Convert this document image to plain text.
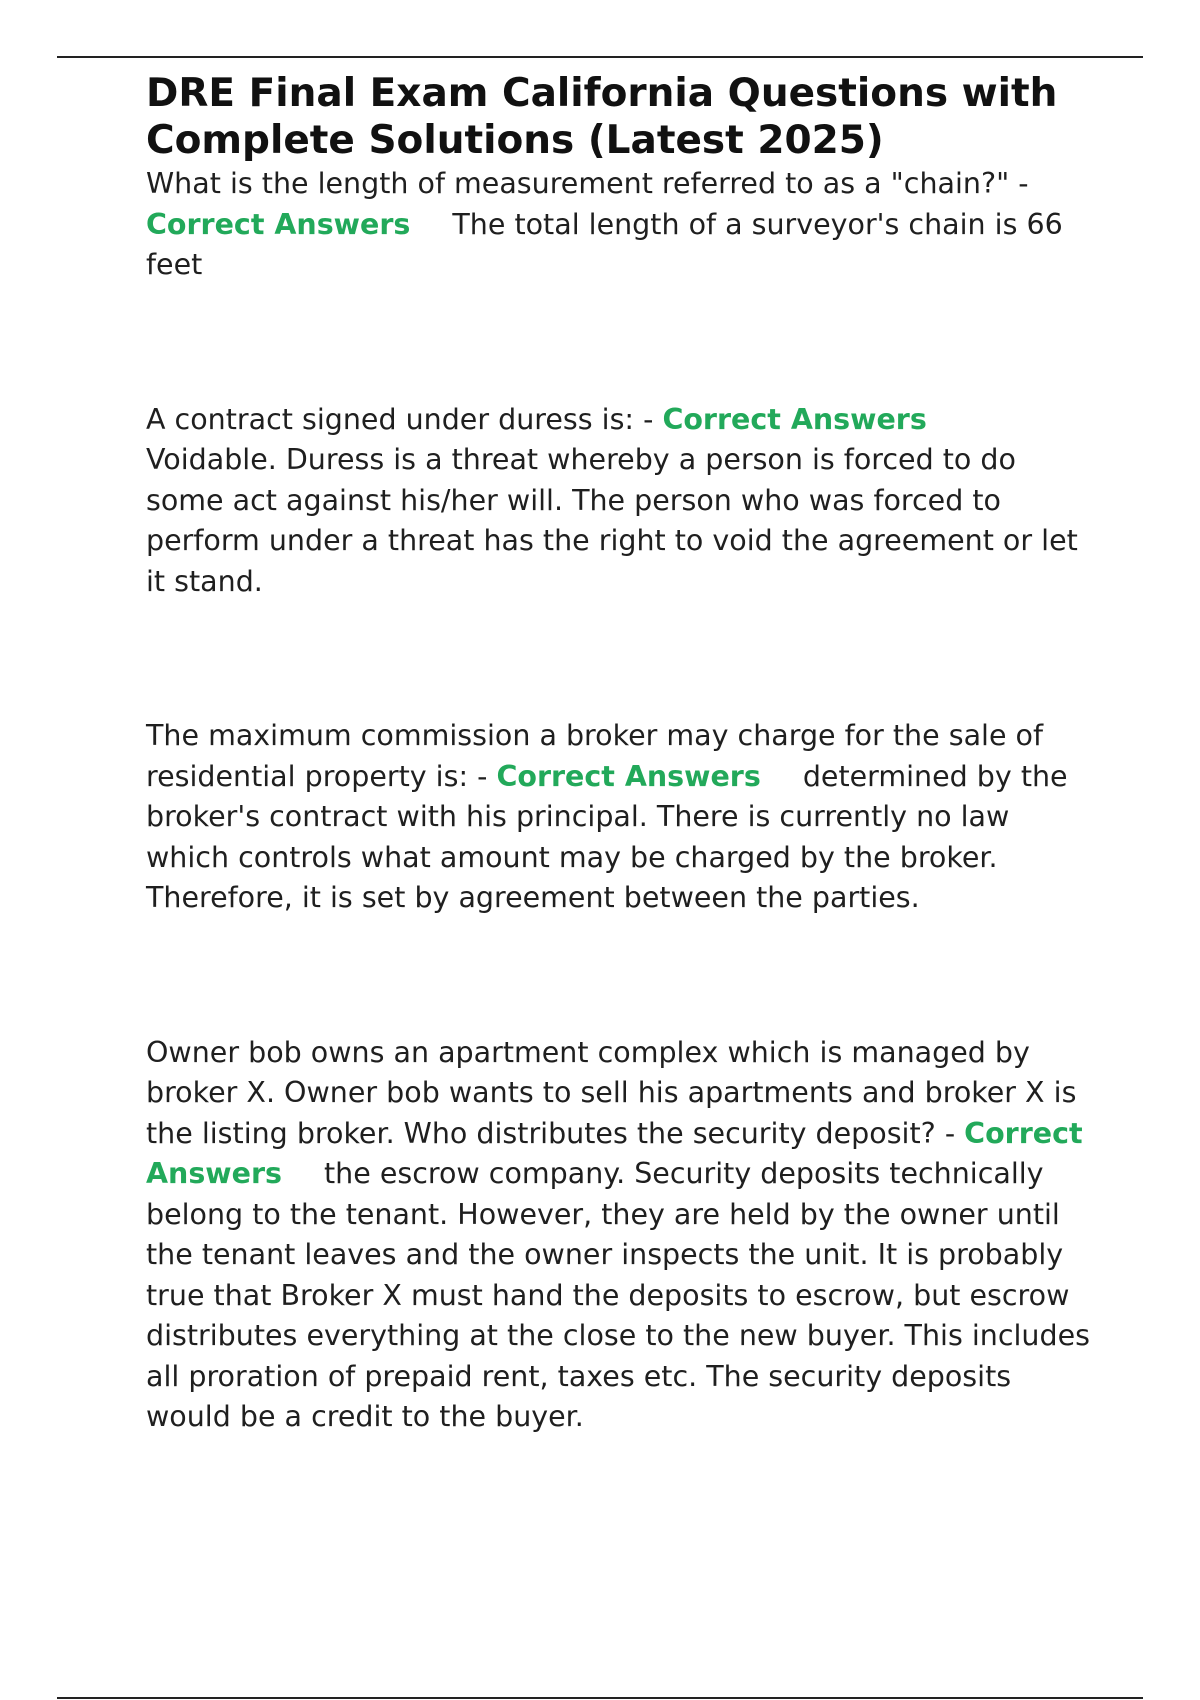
DRE Final Exam California Questions with Complete Solutions (Latest 2025)

What is the length of measurement referred to as a "chain?" - Correct Answers The total length of a surveyor's chain is 66 feet

A contract signed under duress is: - Correct AnswersVoidable. Duress is a threat whereby a person is forced to do some act against his/her will. The person who was forced to perform under a threat has the right to void the agreement or let it stand.

The maximum commission a broker may charge for the sale of residential property is: - Correct Answers determined by the broker's contract with his principal. There is currently no law which controls what amount may be charged by the broker. Therefore, it is set by agreement between the parties.

Owner bob owns an apartment complex which is managed by broker X. Owner bob wants to sell his apartments and broker X is the listing broker. Who distributes the security deposit? - Correct Answers the escrow company. Security deposits technically belong to the tenant. However, they are held by the owner until the tenant leaves and the owner inspects the unit. It is probably true that Broker X must hand the deposits to escrow, but escrow distributes everything at the close to the new buyer. This includes all proration of prepaid rent, taxes etc. The security deposits would be a credit to the buyer.
